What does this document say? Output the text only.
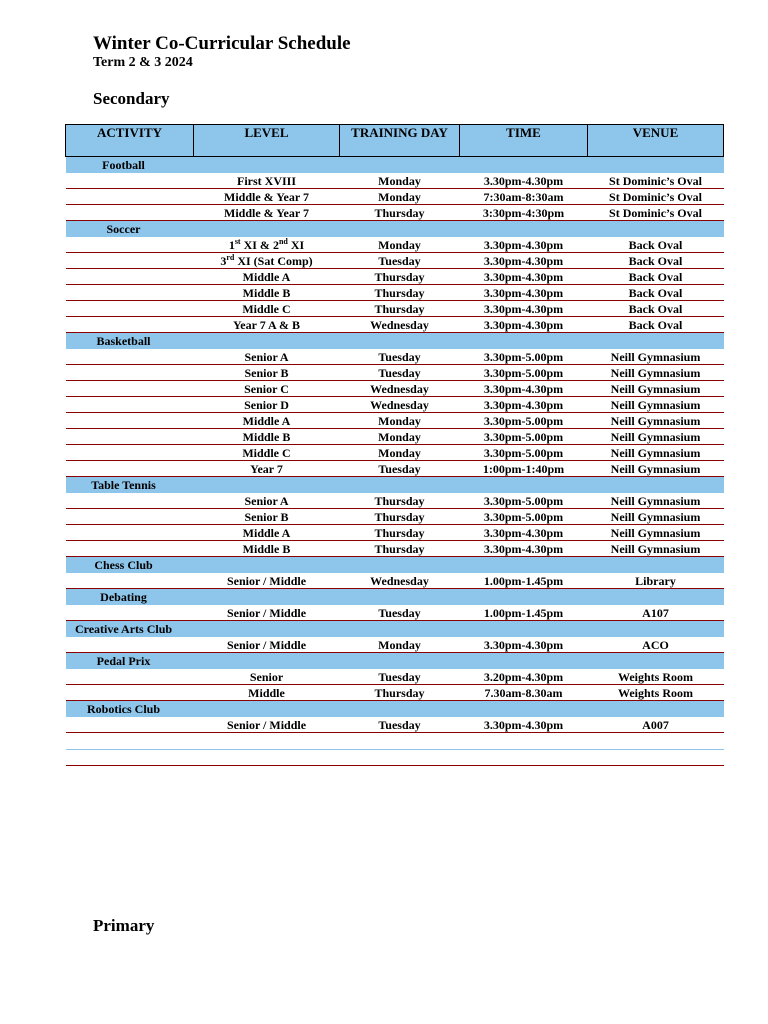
Winter Co-Curricular Schedule
Term 2 & 3 2024
Secondary
ACTIVITY	LEVEL	TRAINING DAY	TIME	VENUE
Football				
	First XVIII	Monday	3.30pm-4.30pm	St Dominic’s Oval
	Middle & Year 7	Monday	7:30am-8:30am	St Dominic’s Oval
	Middle & Year 7	Thursday	3:30pm-4:30pm	St Dominic’s Oval
Soccer				
	1st XI & 2nd XI	Monday	3.30pm-4.30pm	Back Oval
	3rd XI (Sat Comp)	Tuesday	3.30pm-4.30pm	Back Oval
	Middle A	Thursday	3.30pm-4.30pm	Back Oval
	Middle B	Thursday	3.30pm-4.30pm	Back Oval
	Middle C	Thursday	3.30pm-4.30pm	Back Oval
	Year 7 A & B	Wednesday	3.30pm-4.30pm	Back Oval
Basketball				
	Senior A	Tuesday	3.30pm-5.00pm	Neill Gymnasium
	Senior B	Tuesday	3.30pm-5.00pm	Neill Gymnasium
	Senior C	Wednesday	3.30pm-4.30pm	Neill Gymnasium
	Senior D	Wednesday	3.30pm-4.30pm	Neill Gymnasium
	Middle A	Monday	3.30pm-5.00pm	Neill Gymnasium
	Middle B	Monday	3.30pm-5.00pm	Neill Gymnasium
	Middle C	Monday	3.30pm-5.00pm	Neill Gymnasium
	Year 7	Tuesday	1:00pm-1:40pm	Neill Gymnasium
Table Tennis				
	Senior A	Thursday	3.30pm-5.00pm	Neill Gymnasium
	Senior B	Thursday	3.30pm-5.00pm	Neill Gymnasium
	Middle A	Thursday	3.30pm-4.30pm	Neill Gymnasium
	Middle B	Thursday	3.30pm-4.30pm	Neill Gymnasium
Chess Club				
	Senior / Middle	Wednesday	1.00pm-1.45pm	Library
Debating				
	Senior / Middle	Tuesday	1.00pm-1.45pm	A107
Creative Arts Club				
	Senior / Middle	Monday	3.30pm-4.30pm	ACO
Pedal Prix				
	Senior	Tuesday	3.20pm-4.30pm	Weights Room
	Middle	Thursday	7.30am-8.30am	Weights Room
Robotics Club				
	Senior / Middle	Tuesday	3.30pm-4.30pm	A007

Primary
